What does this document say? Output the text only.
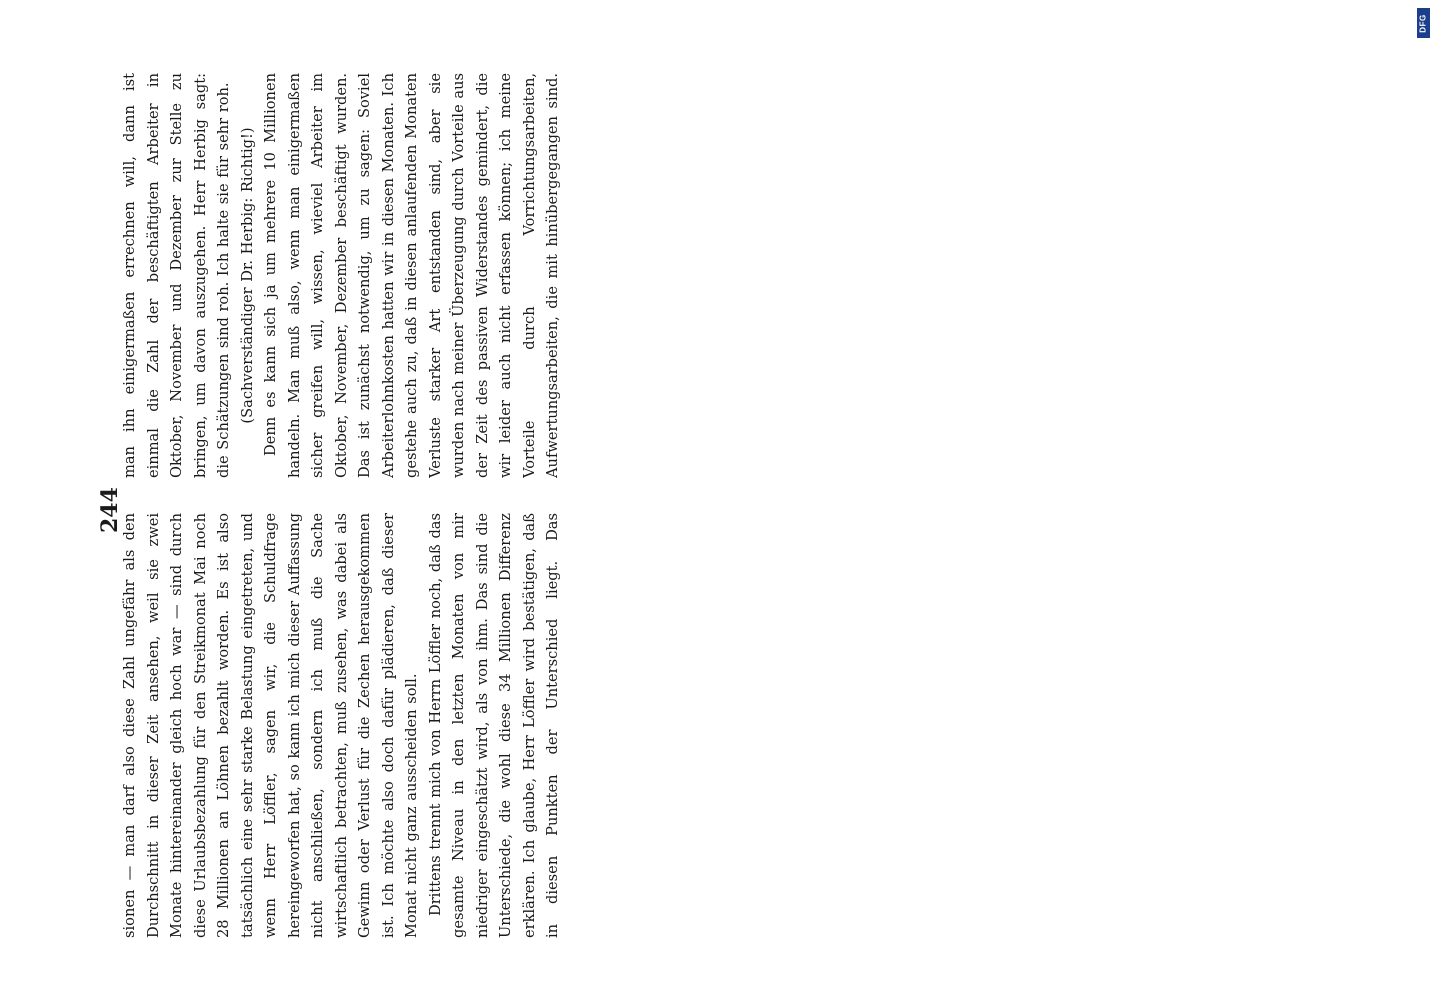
244

sionen — man darf also diese Zahl ungefähr als den Durchschnitt in dieser Zeit ansehen, weil sie zwei Monate hintereinander gleich hoch war — sind durch diese Urlaubsbezahlung für den Streikmonat Mai noch 28 Millionen an Löhnen bezahlt worden. Es ist also tatsächlich eine sehr starke Belastung eingetreten, und wenn Herr Löffler, sagen wir, die Schuldfrage hereingeworfen hat, so kann ich mich dieser Auffassung nicht anschließen, sondern ich muß die Sache wirtschaftlich betrachten, muß zusehen, was dabei als Gewinn oder Verlust für die Zechen herausgekommen ist. Ich möchte also doch dafür plädieren, daß dieser Monat nicht ganz ausscheiden soll. Drittens trennt mich von Herrn Löffler noch, daß das gesamte Niveau in den letzten Monaten von mir niedriger eingeschätzt wird, als von ihm. Das sind die Unterschiede, die wohl diese 34 Millionen Differenz erklären. Ich glaube, Herr Löffler wird bestätigen, daß in diesen Punkten der Unterschied liegt. Das

man ihn einigermaßen errechnen will, dann ist einmal die Zahl der beschäftigten Arbeiter in Oktober, November und Dezember zur Stelle zu bringen, um davon auszugehen. Herr Herbig sagt: die Schätzungen sind roh. Ich halte sie für sehr roh. (Sachverständiger Dr. Herbig: Richtig!)

Denn es kann sich ja um mehrere 10 Millionen handeln. Man muß also, wenn man einigermaßen sicher greifen will, wissen, wieviel Arbeiter im Oktober, November, Dezember beschäftigt wurden. Das ist zunächst notwendig, um zu sagen: Soviel Arbeiterlohnkosten hatten wir in diesen Monaten. Ich gestehe auch zu, daß in diesen anlaufenden Monaten Verluste starker Art entstanden sind, aber sie wurden nach meiner Überzeugung durch Vorteile aus der Zeit des passiven Widerstandes gemindert, die wir leider auch nicht erfassen können; ich meine Vorteile durch Vorrichtungsarbeiten, Aufwertungsarbeiten, die mit hinübergegangen sind.

DFG
